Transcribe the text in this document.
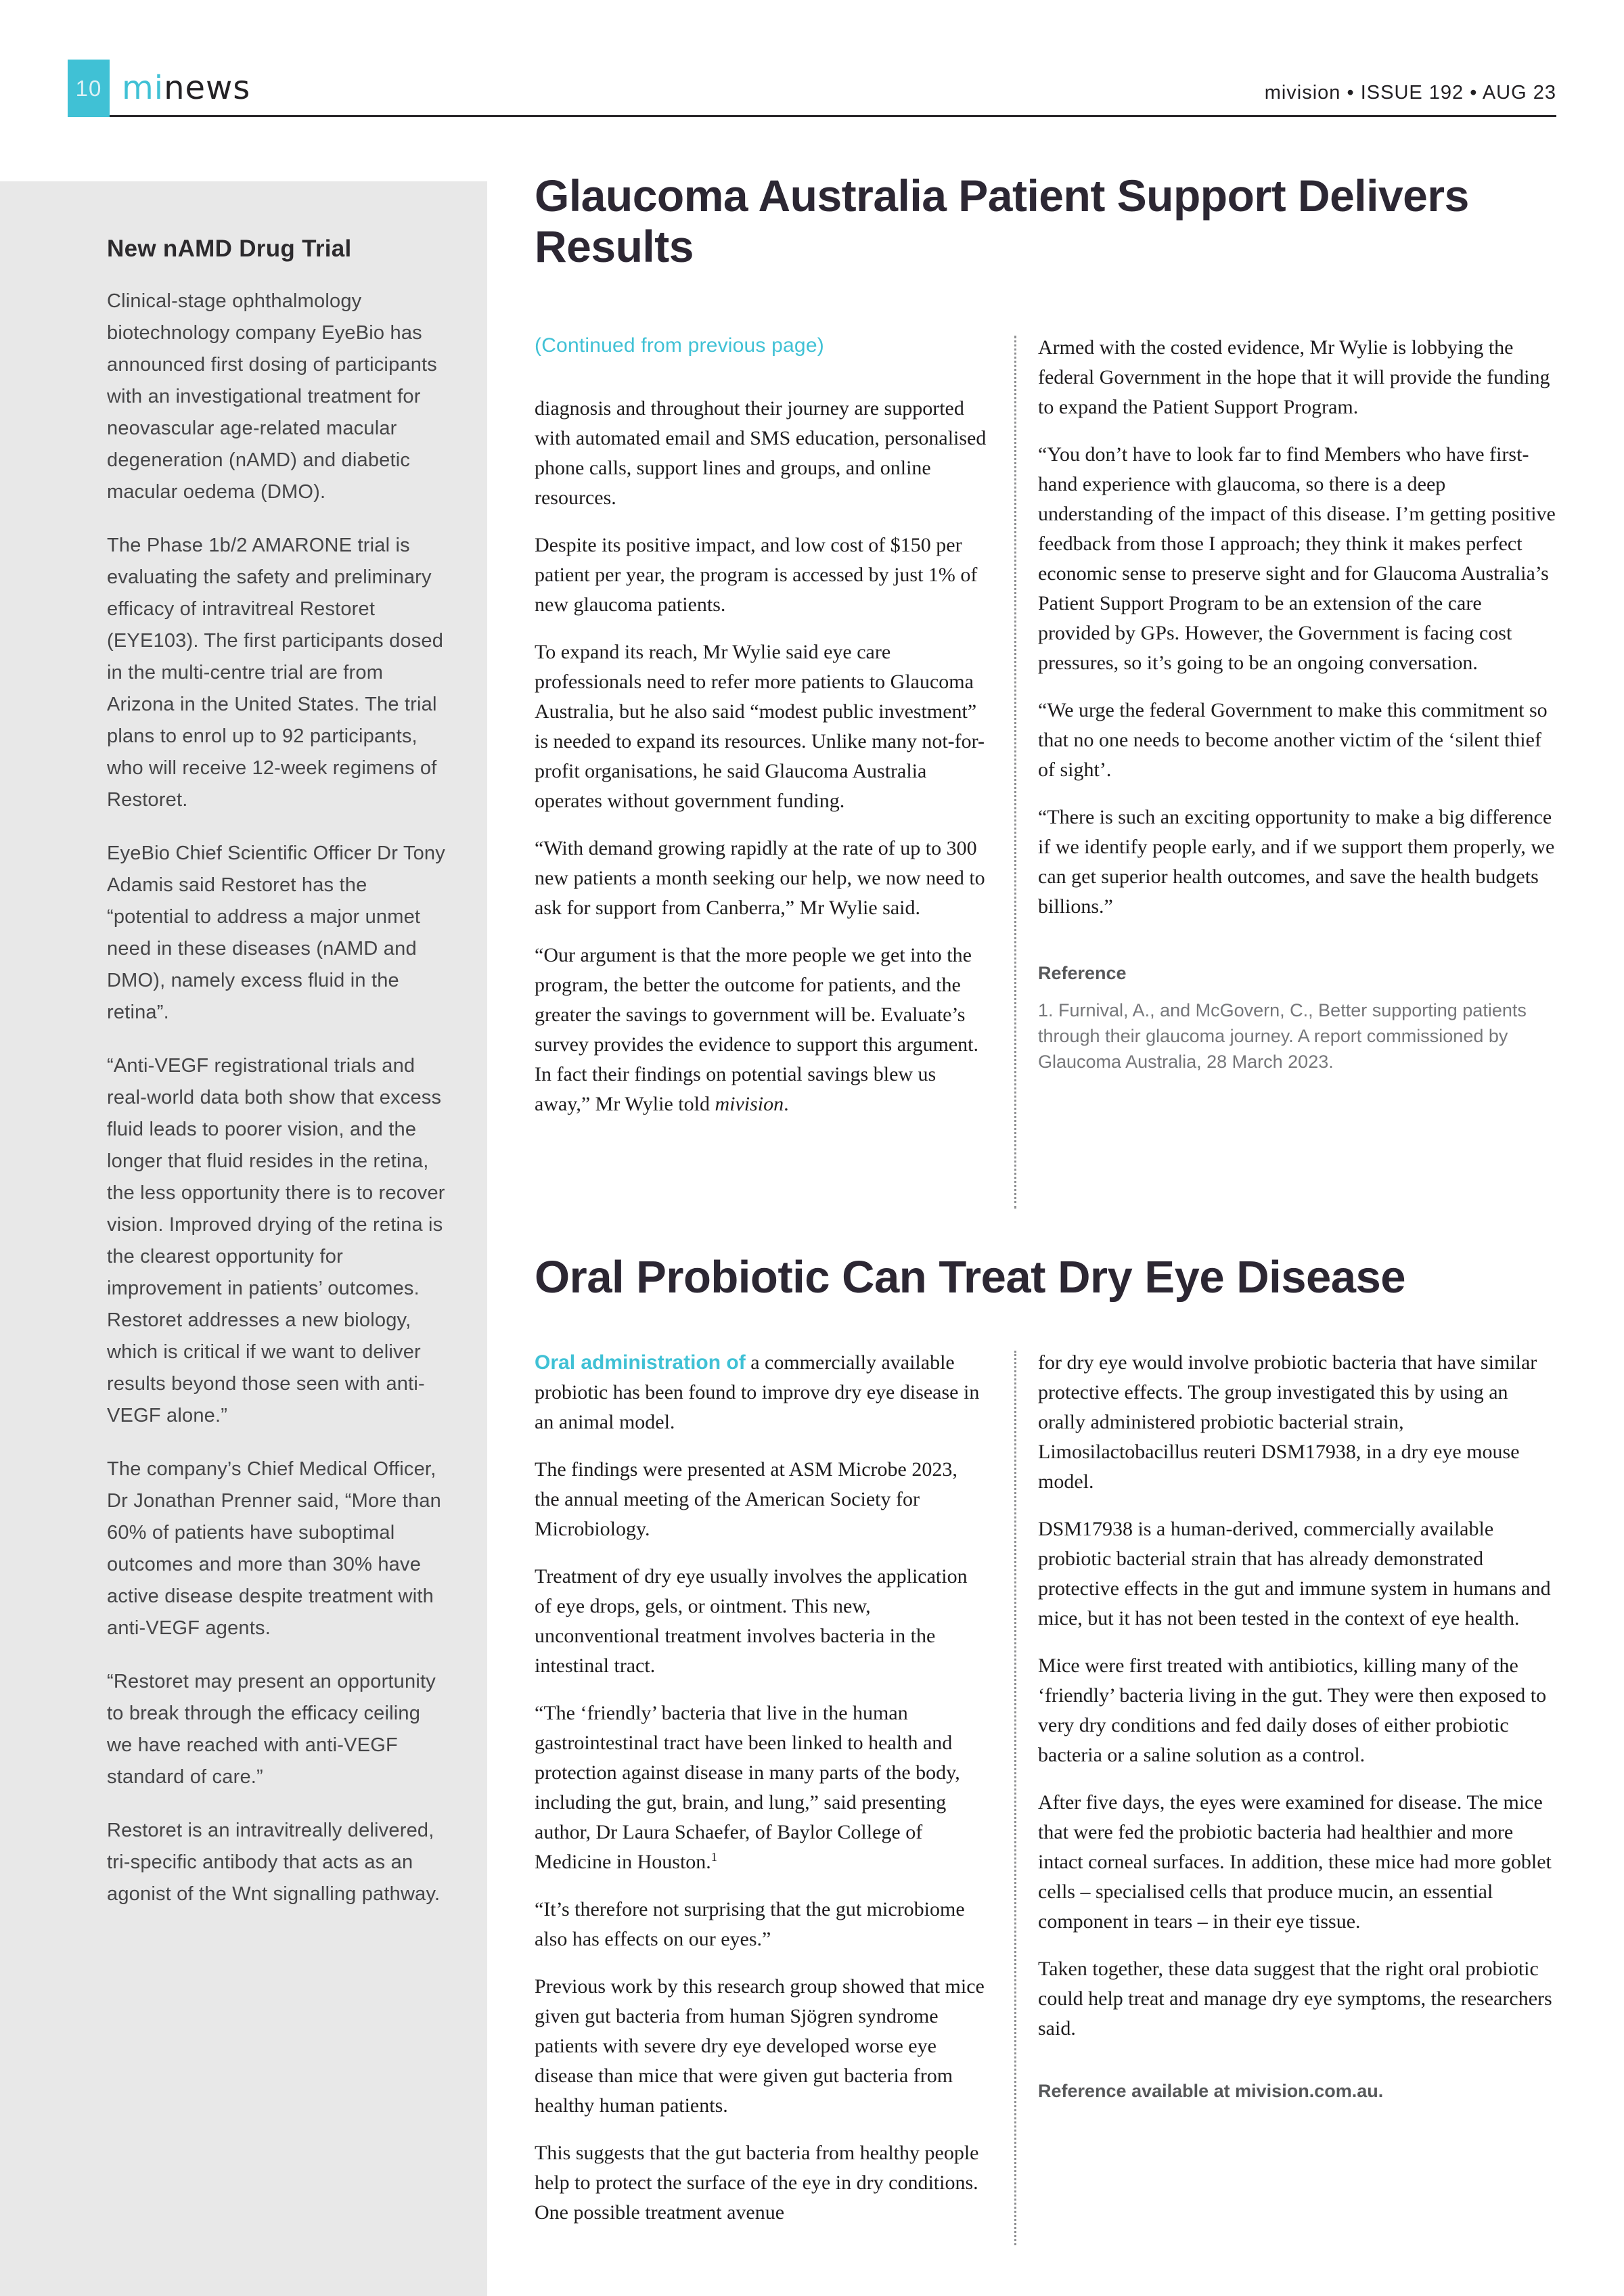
10 minews	mivision • ISSUE 192 • AUG 23
New nAMD Drug Trial

Clinical-stage ophthalmology biotechnology company EyeBio has announced first dosing of participants with an investigational treatment for neovascular age-related macular degeneration (nAMD) and diabetic macular oedema (DMO).

The Phase 1b/2 AMARONE trial is evaluating the safety and preliminary efficacy of intravitreal Restoret (EYE103). The first participants dosed in the multi-centre trial are from Arizona in the United States. The trial plans to enrol up to 92 participants, who will receive 12-week regimens of Restoret.

EyeBio Chief Scientific Officer Dr Tony Adamis said Restoret has the “potential to address a major unmet need in these diseases (nAMD and DMO), namely excess fluid in the retina”.

“Anti-VEGF registrational trials and real-world data both show that excess fluid leads to poorer vision, and the longer that fluid resides in the retina, the less opportunity there is to recover vision. Improved drying of the retina is the clearest opportunity for improvement in patients’ outcomes. Restoret addresses a new biology, which is critical if we want to deliver results beyond those seen with anti-VEGF alone.”

The company’s Chief Medical Officer, Dr Jonathan Prenner said, “More than 60% of patients have suboptimal outcomes and more than 30% have active disease despite treatment with anti-VEGF agents.

“Restoret may present an opportunity to break through the efficacy ceiling we have reached with anti-VEGF standard of care.”

Restoret is an intravitreally delivered, tri-specific antibody that acts as an agonist of the Wnt signalling pathway.

Glaucoma Australia Patient Support Delivers Results
(Continued from previous page)

diagnosis and throughout their journey are supported with automated email and SMS education, personalised phone calls, support lines and groups, and online resources.

Despite its positive impact, and low cost of $150 per patient per year, the program is accessed by just 1% of new glaucoma patients.

To expand its reach, Mr Wylie said eye care professionals need to refer more patients to Glaucoma Australia, but he also said “modest public investment” is needed to expand its resources. Unlike many not-for-profit organisations, he said Glaucoma Australia operates without government funding.

“With demand growing rapidly at the rate of up to 300 new patients a month seeking our help, we now need to ask for support from Canberra,” Mr Wylie said.

“Our argument is that the more people we get into the program, the better the outcome for patients, and the greater the savings to government will be. Evaluate’s survey provides the evidence to support this argument. In fact their findings on potential savings blew us away,” Mr Wylie told mivision.

Armed with the costed evidence, Mr Wylie is lobbying the federal Government in the hope that it will provide the funding to expand the Patient Support Program.

“You don’t have to look far to find Members who have first-hand experience with glaucoma, so there is a deep understanding of the impact of this disease. I’m getting positive feedback from those I approach; they think it makes perfect economic sense to preserve sight and for Glaucoma Australia’s Patient Support Program to be an extension of the care provided by GPs. However, the Government is facing cost pressures, so it’s going to be an ongoing conversation.

“We urge the federal Government to make this commitment so that no one needs to become another victim of the ‘silent thief of sight’.

“There is such an exciting opportunity to make a big difference if we identify people early, and if we support them properly, we can get superior health outcomes, and save the health budgets billions.”

Reference
1. Furnival, A., and McGovern, C., Better supporting patients through their glaucoma journey. A report commissioned by Glaucoma Australia, 28 March 2023.
Oral Probiotic Can Treat Dry Eye Disease

Oral administration of a commercially available probiotic has been found to improve dry eye disease in an animal model.

The findings were presented at ASM Microbe 2023, the annual meeting of the American Society for Microbiology.

Treatment of dry eye usually involves the application of eye drops, gels, or ointment. This new, unconventional treatment involves bacteria in the intestinal tract.

“The ‘friendly’ bacteria that live in the human gastrointestinal tract have been linked to health and protection against disease in many parts of the body, including the gut, brain, and lung,” said presenting author, Dr Laura Schaefer, of Baylor College of Medicine in Houston.$^1$

“It’s therefore not surprising that the gut microbiome also has effects on our eyes.”

Previous work by this research group showed that mice given gut bacteria from human Sjögren syndrome patients with severe dry eye developed worse eye disease than mice that were given gut bacteria from healthy human patients.

This suggests that the gut bacteria from healthy people help to protect the surface of the eye in dry conditions. One possible treatment avenue

for dry eye would involve probiotic bacteria that have similar protective effects. The group investigated this by using an orally administered probiotic bacterial strain, Limosilactobacillus reuteri DSM17938, in a dry eye mouse model.

DSM17938 is a human-derived, commercially available probiotic bacterial strain that has already demonstrated protective effects in the gut and immune system in humans and mice, but it has not been tested in the context of eye health.

Mice were first treated with antibiotics, killing many of the ‘friendly’ bacteria living in the gut. They were then exposed to very dry conditions and fed daily doses of either probiotic bacteria or a saline solution as a control.

After five days, the eyes were examined for disease. The mice that were fed the probiotic bacteria had healthier and more intact corneal surfaces. In addition, these mice had more goblet cells – specialised cells that produce mucin, an essential component in tears – in their eye tissue.

Taken together, these data suggest that the right oral probiotic could help treat and manage dry eye symptoms, the researchers said.

Reference available at mivision.com.au.
